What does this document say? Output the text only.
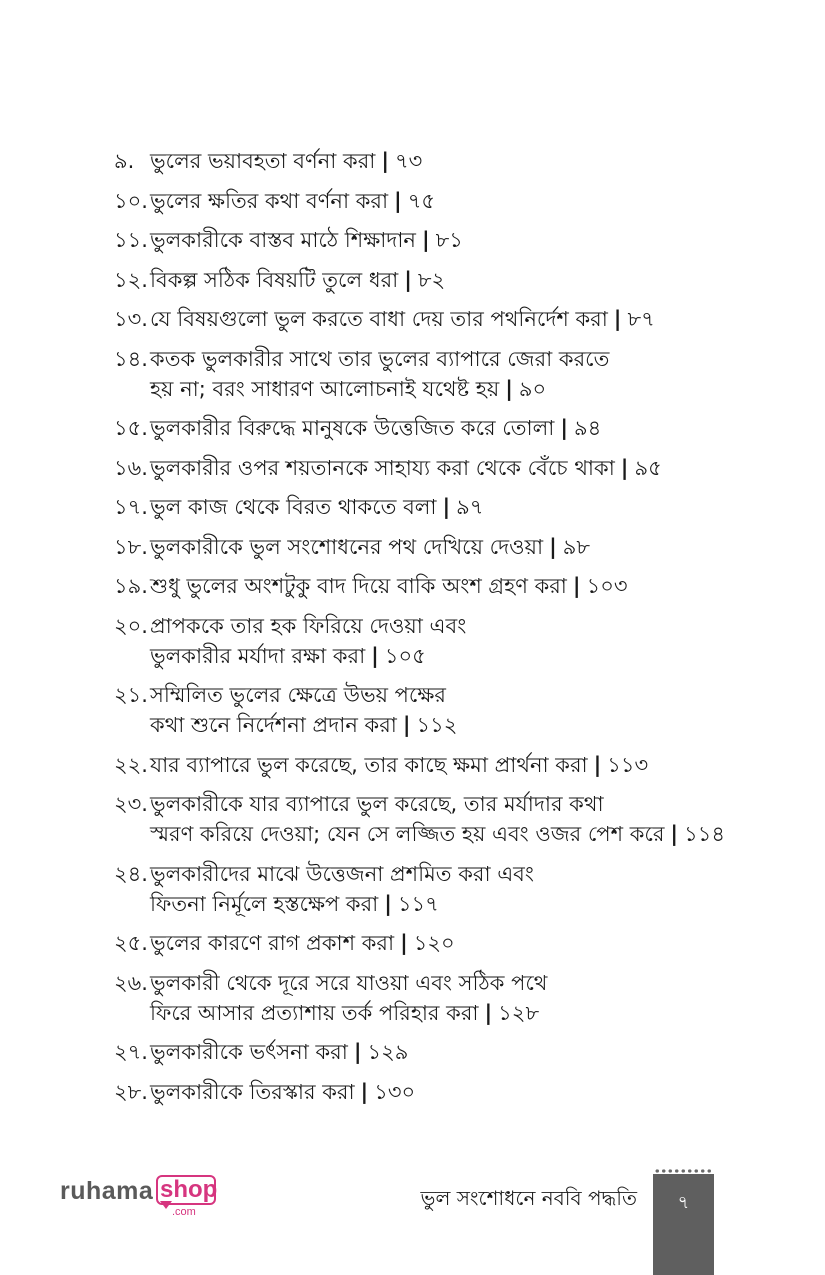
৯. ভুলের ভয়াবহতা বর্ণনা করা | ৭৩
১০. ভুলের ক্ষতির কথা বর্ণনা করা | ৭৫
১১. ভুলকারীকে বাস্তব মাঠে শিক্ষাদান | ৮১
১২. বিকল্প সঠিক বিষয়টি তুলে ধরা | ৮২
১৩. যে বিষয়গুলো ভুল করতে বাধা দেয় তার পথনির্দেশ করা | ৮৭
১৪. কতক ভুলকারীর সাথে তার ভুলের ব্যাপারে জেরা করতে
হয় না; বরং সাধারণ আলোচনাই যথেষ্ট হয় | ৯০
১৫. ভুলকারীর বিরুদ্ধে মানুষকে উত্তেজিত করে তোলা | ৯৪
১৬. ভুলকারীর ওপর শয়তানকে সাহায্য করা থেকে বেঁচে থাকা | ৯৫
১৭. ভুল কাজ থেকে বিরত থাকতে বলা | ৯৭
১৮. ভুলকারীকে ভুল সংশোধনের পথ দেখিয়ে দেওয়া | ৯৮
১৯. শুধু ভুলের অংশটুকু বাদ দিয়ে বাকি অংশ গ্রহণ করা | ১০৩
২০. প্রাপককে তার হক ফিরিয়ে দেওয়া এবং
ভুলকারীর মর্যাদা রক্ষা করা | ১০৫
২১. সম্মিলিত ভুলের ক্ষেত্রে উভয় পক্ষের
কথা শুনে নির্দেশনা প্রদান করা | ১১২
২২. যার ব্যাপারে ভুল করেছে, তার কাছে ক্ষমা প্রার্থনা করা | ১১৩
২৩. ভুলকারীকে যার ব্যাপারে ভুল করেছে, তার মর্যাদার কথা
স্মরণ করিয়ে দেওয়া; যেন সে লজ্জিত হয় এবং ওজর পেশ করে | ১১৪
২৪. ভুলকারীদের মাঝে উত্তেজনা প্রশমিত করা এবং
ফিতনা নির্মূলে হস্তক্ষেপ করা | ১১৭
২৫. ভুলের কারণে রাগ প্রকাশ করা | ১২০
২৬. ভুলকারী থেকে দূরে সরে যাওয়া এবং সঠিক পথে
ফিরে আসার প্রত্যাশায় তর্ক পরিহার করা | ১২৮
২৭. ভুলকারীকে ভর্ৎসনা করা | ১২৯
২৮. ভুলকারীকে তিরস্কার করা | ১৩০
ruhama shop
.com
ভুল সংশোধনে নববি পদ্ধতি	৭
